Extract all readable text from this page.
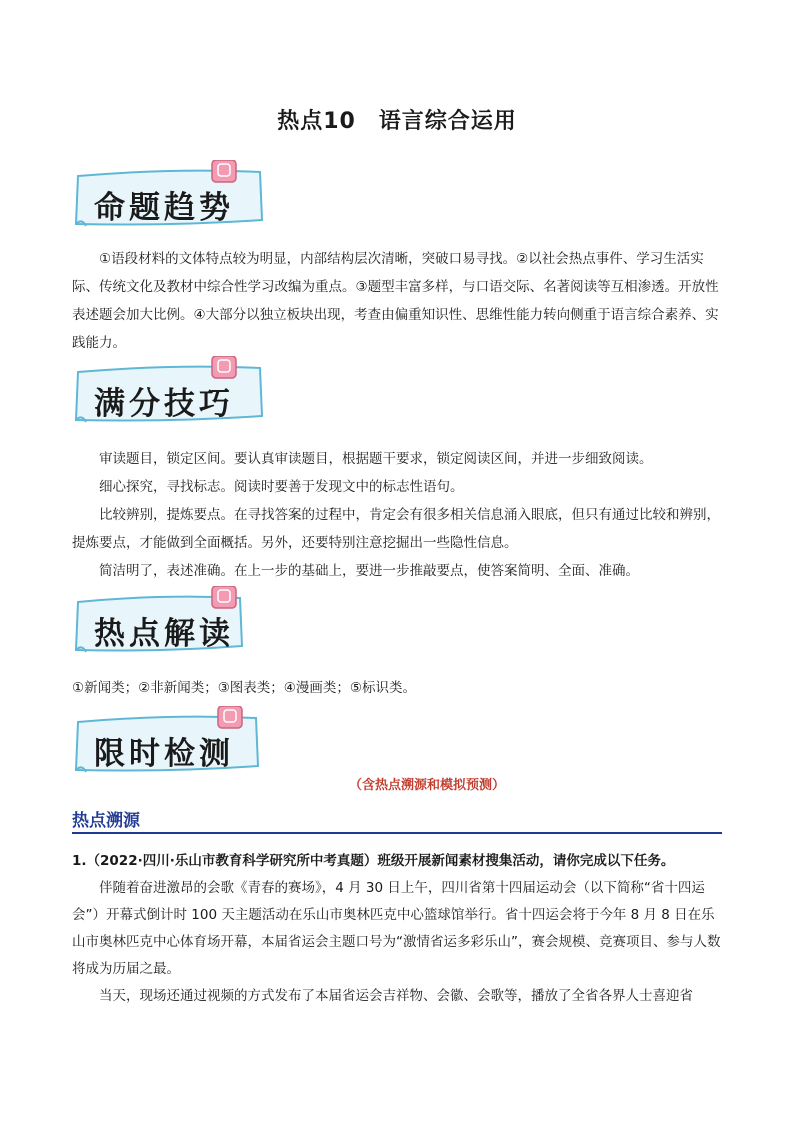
热点10　语言综合运用
命题趋势
①语段材料的文体特点较为明显，内部结构层次清晰，突破口易寻找。②以社会热点事件、学习生活实际、传统文化及教材中综合性学习改编为重点。③题型丰富多样，与口语交际、名著阅读等互相渗透。开放性表述题会加大比例。④大部分以独立板块出现，考查由偏重知识性、思维性能力转向侧重于语言综合素养、实践能力。
满分技巧
审读题目，锁定区间。要认真审读题目，根据题干要求，锁定阅读区间，并进一步细致阅读。
细心探究，寻找标志。阅读时要善于发现文中的标志性语句。
比较辨别，提炼要点。在寻找答案的过程中，肯定会有很多相关信息涌入眼底，但只有通过比较和辨别，提炼要点，才能做到全面概括。另外，还要特别注意挖掘出一些隐性信息。
简洁明了，表述准确。在上一步的基础上，要进一步推敲要点，使答案简明、全面、准确。
热点解读
①新闻类；②非新闻类；③图表类；④漫画类；⑤标识类。
限时检测
（含热点溯源和模拟预测）
热点溯源
1.（2022·四川·乐山市教育科学研究所中考真题）班级开展新闻素材搜集活动，请你完成以下任务。
伴随着奋进激昂的会歌《青春的赛场》，4 月 30 日上午，四川省第十四届运动会（以下简称“省十四运会”）开幕式倒计时 100 天主题活动在乐山市奥林匹克中心篮球馆举行。省十四运会将于今年 8 月 8 日在乐山市奥林匹克中心体育场开幕，本届省运会主题口号为“激情省运多彩乐山”，赛会规模、竞赛项目、参与人数将成为历届之最。
当天，现场还通过视频的方式发布了本届省运会吉祥物、会徽、会歌等，播放了全省各界人士喜迎省
